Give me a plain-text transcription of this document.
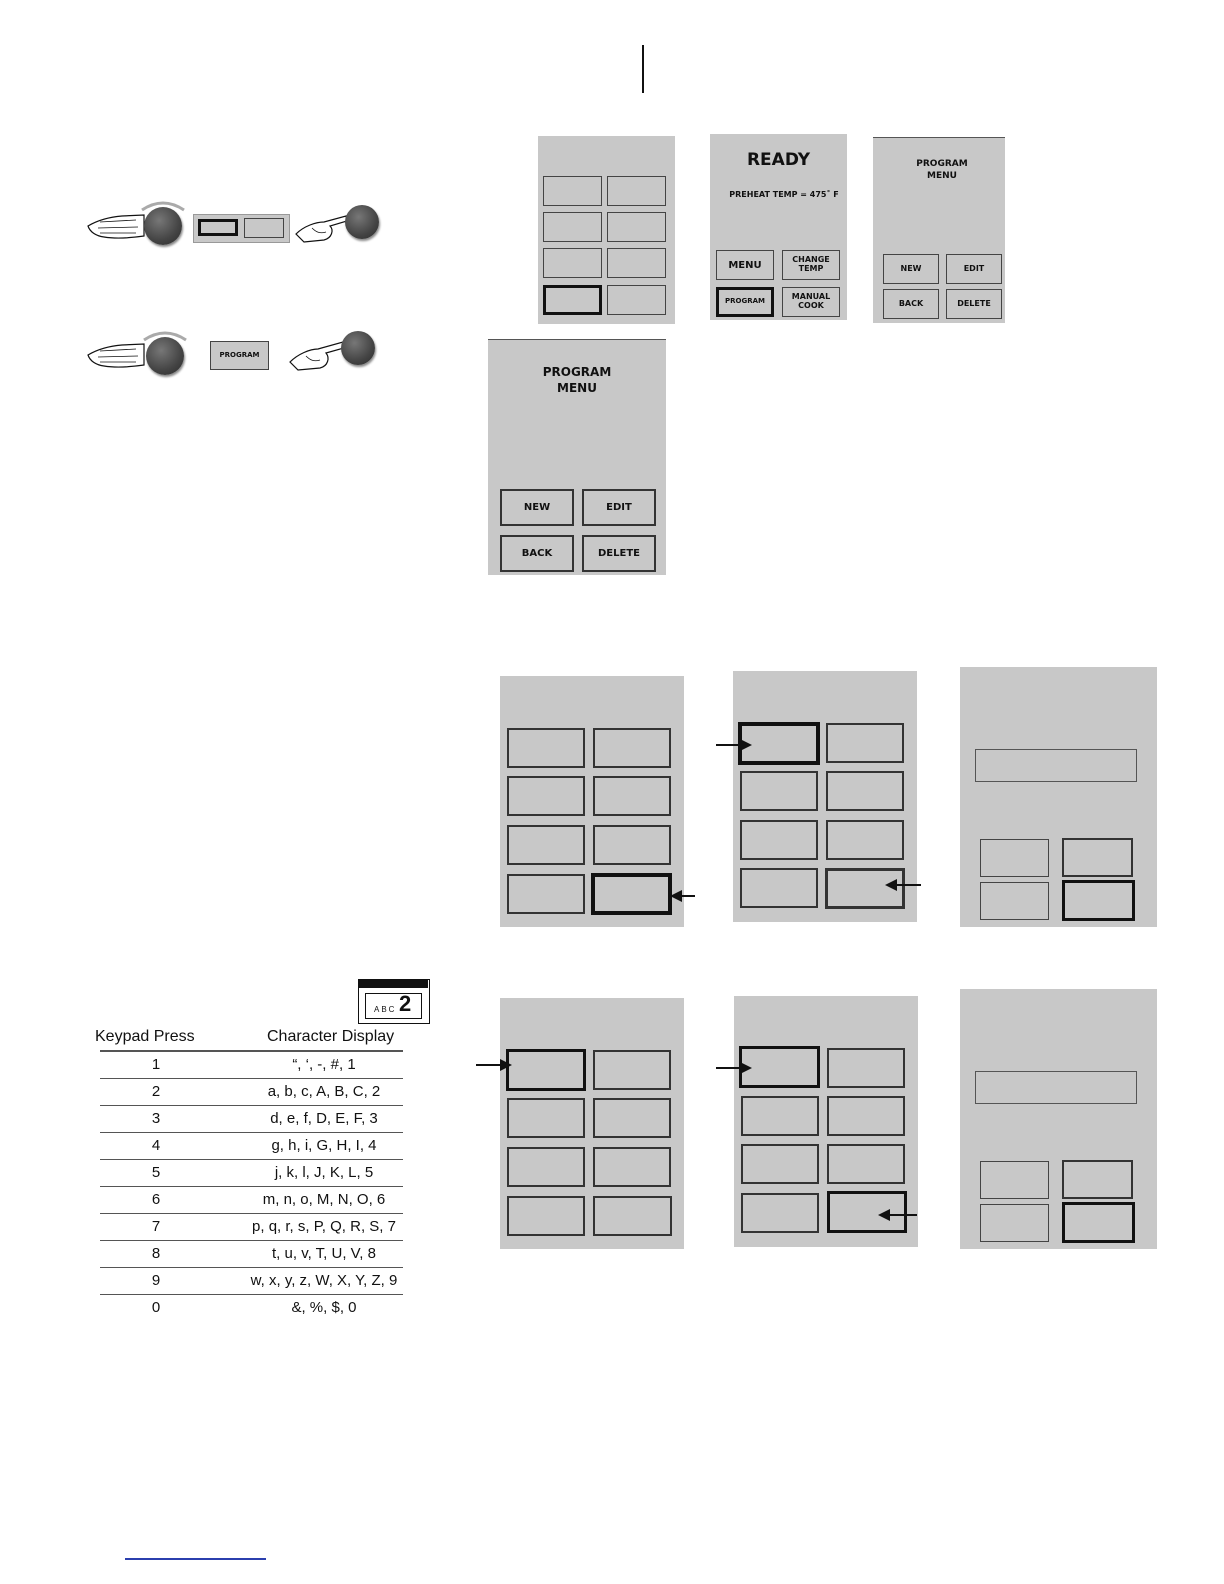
PROGRAM
READY
PREHEAT TEMP = 475˚ F
MENU	CHANGE TEMP
PROGRAM	MANUAL COOK
PROGRAM
MENU
NEW	EDIT
BACK	DELETE
PROGRAM
MENU
NEW	EDIT
BACK	DELETE
ABC 2
Keypad Press	Character Display
1	“, ‘, -, #, 1
2	a, b, c, A, B, C, 2
3	d, e, f, D, E, F, 3
4	g, h, i, G, H, I, 4
5	j, k, l, J, K, L, 5
6	m, n, o, M, N, O, 6
7	p, q, r, s, P, Q, R, S, 7
8	t, u, v, T, U, V, 8
9	w, x, y, z, W, X, Y, Z, 9
0	&, %, $, 0
